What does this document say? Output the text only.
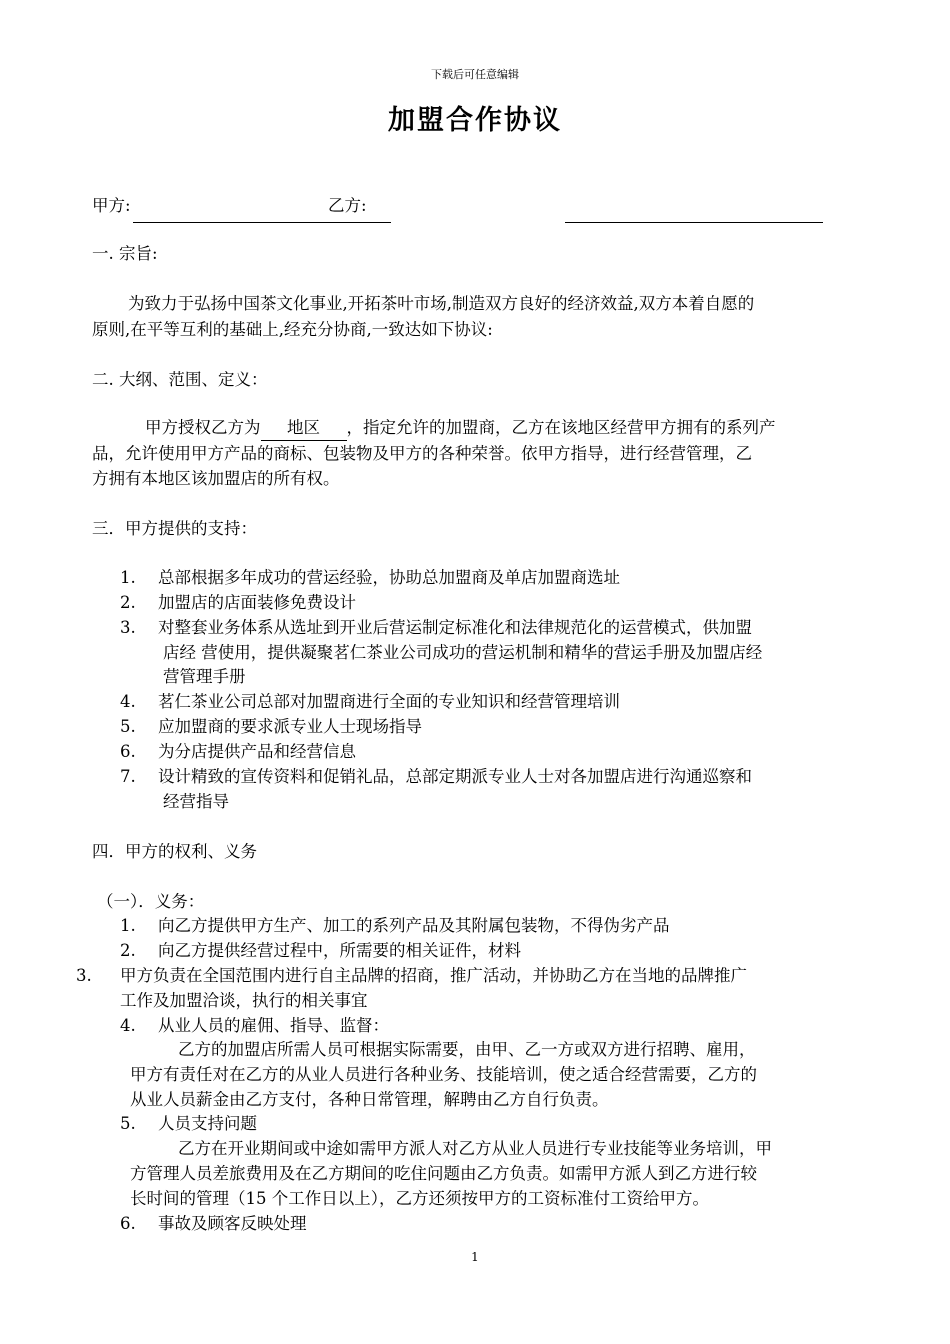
下载后可任意编辑
加盟合作协议
甲方:	乙方:
一. 宗旨:
为致力于弘扬中国茶文化事业,开拓茶叶市场,制造双方良好的经济效益,双方本着自愿的
原则,在平等互利的基础上,经充分协商,一致达如下协议:
二. 大纲、范围、定义：
甲方授权乙方为 地区 ，指定允许的加盟商，乙方在该地区经营甲方拥有的系列产
品，允许使用甲方产品的商标、包装物及甲方的各种荣誉。依甲方指导，进行经营管理，乙
方拥有本地区该加盟店的所有权。
三．甲方提供的支持：
1. 总部根据多年成功的营运经验，协助总加盟商及单店加盟商选址
2. 加盟店的店面装修免费设计
3. 对整套业务体系从选址到开业后营运制定标准化和法律规范化的运营模式，供加盟
店经 营使用，提供凝聚茗仁茶业公司成功的营运机制和精华的营运手册及加盟店经
营管理手册
4. 茗仁茶业公司总部对加盟商进行全面的专业知识和经营管理培训
5. 应加盟商的要求派专业人士现场指导
6. 为分店提供产品和经营信息
7. 设计精致的宣传资料和促销礼品，总部定期派专业人士对各加盟店进行沟通巡察和
经营指导
四．甲方的权利、义务
（一）．义务：
1. 向乙方提供甲方生产、加工的系列产品及其附属包装物，不得伪劣产品
2. 向乙方提供经营过程中，所需要的相关证件，材料
3. 甲方负责在全国范围内进行自主品牌的招商，推广活动，并协助乙方在当地的品牌推广
工作及加盟洽谈，执行的相关事宜
4. 从业人员的雇佣、指导、监督：
乙方的加盟店所需人员可根据实际需要，由甲、乙一方或双方进行招聘、雇用，
甲方有责任对在乙方的从业人员进行各种业务、技能培训，使之适合经营需要，乙方的
从业人员薪金由乙方支付，各种日常管理，解聘由乙方自行负责。
5. 人员支持问题
乙方在开业期间或中途如需甲方派人对乙方从业人员进行专业技能等业务培训，甲
方管理人员差旅费用及在乙方期间的吃住问题由乙方负责。如需甲方派人到乙方进行较
长时间的管理（15 个工作日以上），乙方还须按甲方的工资标准付工资给甲方。
6. 事故及顾客反映处理
1
